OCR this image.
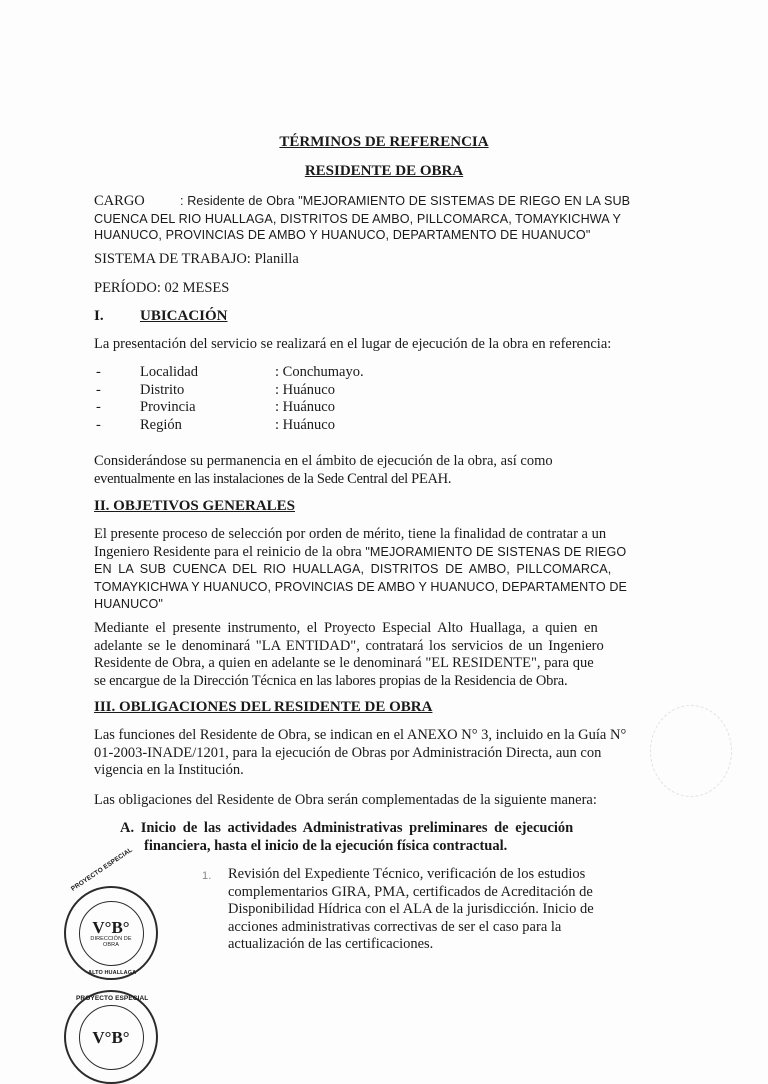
TÉRMINOS DE REFERENCIA
RESIDENTE DE OBRA
CARGO	: Residente de Obra "MEJORAMIENTO DE SISTEMAS DE RIEGO EN LA SUB
CUENCA DEL RIO HUALLAGA, DISTRITOS DE AMBO, PILLCOMARCA, TOMAYKICHWA Y
HUANUCO, PROVINCIAS DE AMBO Y HUANUCO, DEPARTAMENTO DE HUANUCO"
SISTEMA DE TRABAJO: Planilla
PERÍODO: 02 MESES
I. UBICACIÓN
La presentación del servicio se realizará en el lugar de ejecución de la obra en referencia:
-	Localidad	: Conchumayo.
-	Distrito	: Huánuco
-	Provincia	: Huánuco
-	Región	: Huánuco
Considerándose su permanencia en el ámbito de ejecución de la obra, así como
eventualmente en las instalaciones de la Sede Central del PEAH.
II. OBJETIVOS GENERALES
El presente proceso de selección por orden de mérito, tiene la finalidad de contratar a un
Ingeniero Residente para el reinicio de la obra "MEJORAMIENTO DE SISTENAS DE RIEGO
EN LA SUB CUENCA DEL RIO HUALLAGA, DISTRITOS DE AMBO, PILLCOMARCA,
TOMAYKICHWA Y HUANUCO, PROVINCIAS DE AMBO Y HUANUCO, DEPARTAMENTO DE
HUANUCO"
Mediante el presente instrumento, el Proyecto Especial Alto Huallaga, a quien en
adelante se le denominará "LA ENTIDAD", contratará los servicios de un Ingeniero
Residente de Obra, a quien en adelante se le denominará "EL RESIDENTE", para que
se encargue de la Dirección Técnica en las labores propias de la Residencia de Obra.
III. OBLIGACIONES DEL RESIDENTE DE OBRA
Las funciones del Residente de Obra, se indican en el ANEXO N° 3, incluido en la Guía N°
01-2003-INADE/1201, para la ejecución de Obras por Administración Directa, aun con
vigencia en la Institución.
Las obligaciones del Residente de Obra serán complementadas de la siguiente manera:
A. Inicio de las actividades Administrativas preliminares de ejecución
financiera, hasta el inicio de la ejecución física contractual.
1. Revisión del Expediente Técnico, verificación de los estudios
complementarios GIRA, PMA, certificados de Acreditación de
Disponibilidad Hídrica con el ALA de la jurisdicción. Inicio de
acciones administrativas correctivas de ser el caso para la
actualización de las certificaciones.
V°B°
DIRECCIÓN DE OBRA
PROYECTO ESPECIAL
ALTO HUALLAGA
V°B°
PROYECTO ESPECIAL
